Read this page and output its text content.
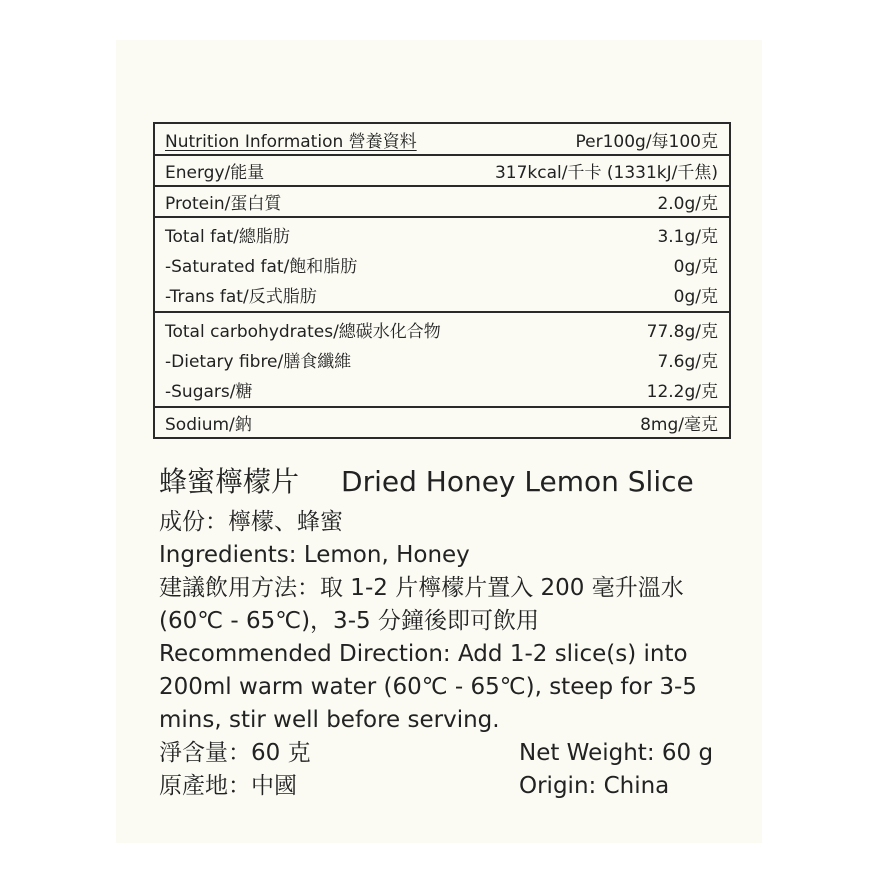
Nutrition Information 營養資料	Per100g/每100克
Energy/能量	317kcal/千卡 (1331kJ/千焦)
Protein/蛋白質	2.0g/克
Total fat/總脂肪	3.1g/克
-Saturated fat/飽和脂肪	0g/克
-Trans fat/反式脂肪	0g/克
Total carbohydrates/總碳水化合物	77.8g/克
-Dietary fibre/膳食纖維	7.6g/克
-Sugars/糖	12.2g/克
Sodium/鈉	8mg/毫克
蜂蜜檸檬片 Dried Honey Lemon Slice
成份：檸檬、蜂蜜
Ingredients: Lemon, Honey
建議飲用方法：取 1-2 片檸檬片置入 200 毫升溫水
(60℃ - 65℃)，3-5 分鐘後即可飲用
Recommended Direction: Add 1-2 slice(s) into
200ml warm water (60℃ - 65℃), steep for 3-5
mins, stir well before serving.
淨含量：60 克	Net Weight: 60 g
原產地：中國	Origin: China
